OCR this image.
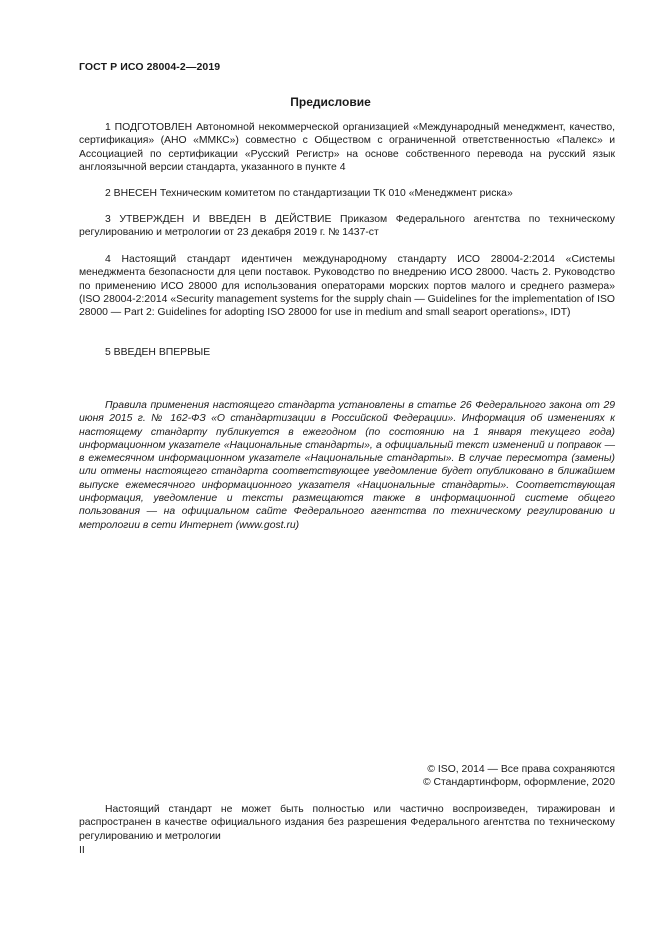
ГОСТ Р ИСО 28004-2—2019
Предисловие

1 ПОДГОТОВЛЕН Автономной некоммерческой организацией «Международный менеджмент, качество, сертификация» (АНО «ММКС») совместно с Обществом с ограниченной ответственностью «Палекс» и Ассоциацией по сертификации «Русский Регистр» на основе собственного перевода на русский язык англоязычной версии стандарта, указанного в пункте 4

2 ВНЕСЕН Техническим комитетом по стандартизации ТК 010 «Менеджмент риска»

3 УТВЕРЖДЕН И ВВЕДЕН В ДЕЙСТВИЕ Приказом Федерального агентства по техническому регулированию и метрологии от 23 декабря 2019 г. № 1437-ст

4 Настоящий стандарт идентичен международному стандарту ИСО 28004-2:2014 «Системы менеджмента безопасности для цепи поставок. Руководство по внедрению ИСО 28000. Часть 2. Руководство по применению ИСО 28000 для использования операторами морских портов малого и среднего размера» (ISO 28004-2:2014 «Security management systems for the supply chain — Guidelines for the implementation of ISO 28000 — Part 2: Guidelines for adopting ISO 28000 for use in medium and small seaport operations», IDT)

5 ВВЕДЕН ВПЕРВЫЕ

Правила применения настоящего стандарта установлены в статье 26 Федерального закона от 29 июня 2015 г. № 162-ФЗ «О стандартизации в Российской Федерации». Информация об изменениях к настоящему стандарту публикуется в ежегодном (по состоянию на 1 января текущего года) информационном указателе «Национальные стандарты», а официальный текст изменений и поправок — в ежемесячном информационном указателе «Национальные стандарты». В случае пересмотра (замены) или отмены настоящего стандарта соответствующее уведомление будет опубликовано в ближайшем выпуске ежемесячного информационного указателя «Национальные стандарты». Соответствующая информация, уведомление и тексты размещаются также в информационной системе общего пользования — на официальном сайте Федерального агентства по техническому регулированию и метрологии в сети Интернет (www.gost.ru)

© ISO, 2014 — Все права сохраняются

© Стандартинформ, оформление, 2020

Настоящий стандарт не может быть полностью или частично воспроизведен, тиражирован и распространен в качестве официального издания без разрешения Федерального агентства по техническому регулированию и метрологии

II
